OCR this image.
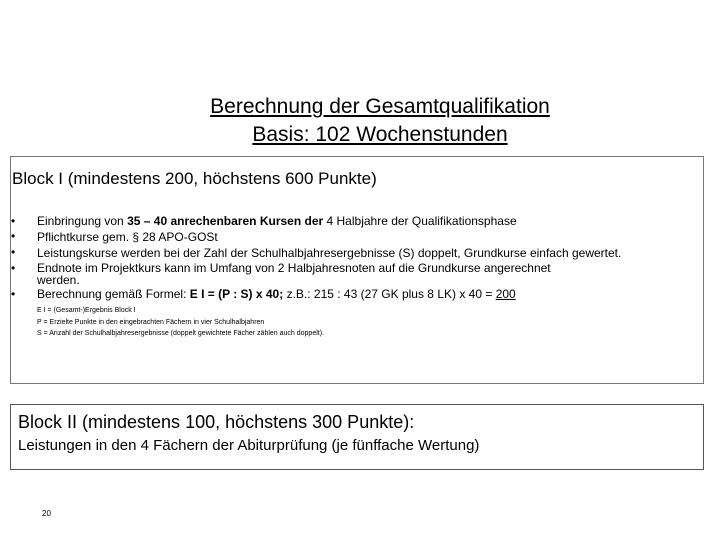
Berechnung der Gesamtqualifikation
Basis: 102 Wochenstunden
Block I (mindestens 200, höchstens 600 Punkte)
•
•
•
•
•
Einbringung von 35 – 40 anrechenbaren Kursen der 4 Halbjahre der Qualifikationsphase
Pflichtkurse gem. § 28 APO-GOSt
Leistungskurse werden bei der Zahl der Schulhalbjahresergebnisse (S) doppelt, Grundkurse einfach gewertet.
Endnote im Projektkurs kann im Umfang von 2 Halbjahresnoten auf die Grundkurse angerechnet
werden.
Berechnung gemäß Formel: E I = (P : S) x 40; z.B.: 215 : 43 (27 GK plus 8 LK) x 40 = 200
E I = (Gesamt-)Ergebnis Block I
P = Erzielte Punkte in den eingebrachten Fächern in vier Schulhalbjahren
S = Anzahl der Schulhalbjahresergebnisse (doppelt gewichtete Fächer zählen auch doppelt).
Block II (mindestens 100, höchstens 300 Punkte):
Leistungen in den 4 Fächern der Abiturprüfung (je fünffache Wertung)
20
